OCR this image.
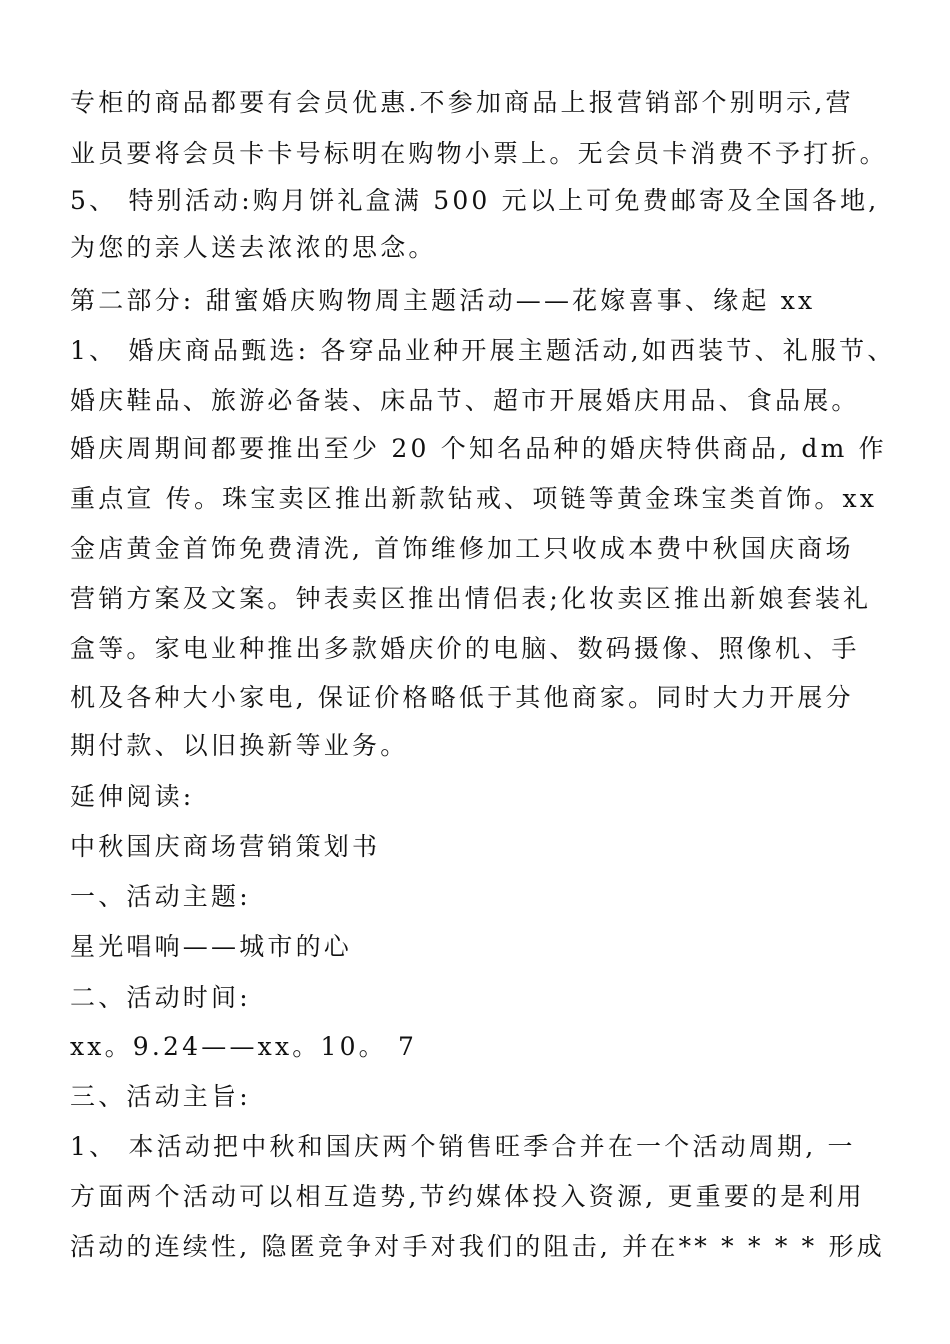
专柜的商品都要有会员优惠.不参加商品上报营销部个别明示,营

业员要将会员卡卡号标明在购物小票上。无会员卡消费不予打折。

5、 特别活动:购月饼礼盒满 500 元以上可免费邮寄及全国各地,

为您的亲人送去浓浓的思念。

第二部分: 甜蜜婚庆购物周主题活动——花嫁喜事、缘起 xx

1、 婚庆商品甄选: 各穿品业种开展主题活动,如西装节、礼服节、

婚庆鞋品、旅游必备装、床品节、超市开展婚庆用品、食品展。

婚庆周期间都要推出至少 20 个知名品种的婚庆特供商品, dm 作

重点宣 传。珠宝卖区推出新款钻戒、项链等黄金珠宝类首饰。xx

金店黄金首饰免费清洗, 首饰维修加工只收成本费中秋国庆商场

营销方案及文案。钟表卖区推出情侣表;化妆卖区推出新娘套装礼

盒等。家电业种推出多款婚庆价的电脑、数码摄像、照像机、手

机及各种大小家电, 保证价格略低于其他商家。同时大力开展分

期付款、以旧换新等业务。

延伸阅读:

中秋国庆商场营销策划书

一、活动主题:

星光唱响——城市的心

二、活动时间:

xx。9.24——xx。10。 7

三、活动主旨:

1、 本活动把中秋和国庆两个销售旺季合并在一个活动周期, 一

方面两个活动可以相互造势,节约媒体投入资源, 更重要的是利用

活动的连续性, 隐匿竞争对手对我们的阻击, 并在** * * * * 形成
